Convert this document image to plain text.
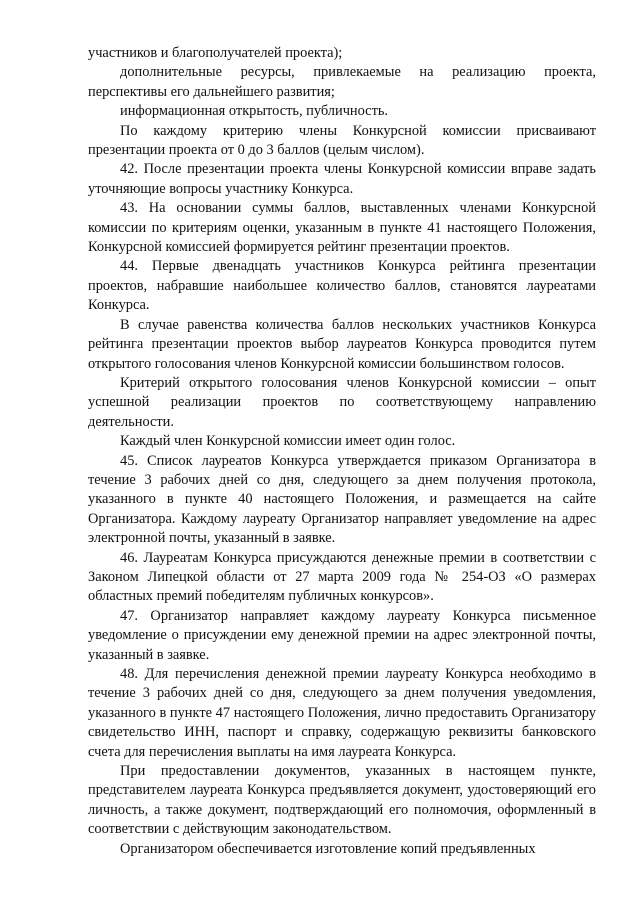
участников и благополучателей проекта);

дополнительные ресурсы, привлекаемые на реализацию проекта, перспективы его дальнейшего развития;

информационная открытость, публичность.

По каждому критерию члены Конкурсной комиссии присваивают презентации проекта от 0 до 3 баллов (целым числом).

42. После презентации проекта члены Конкурсной комиссии вправе задать уточняющие вопросы участнику Конкурса.

43. На основании суммы баллов, выставленных членами Конкурсной комиссии по критериям оценки, указанным в пункте 41 настоящего Положения, Конкурсной комиссией формируется рейтинг презентации проектов.

44. Первые двенадцать участников Конкурса рейтинга презентации проектов, набравшие наибольшее количество баллов, становятся лауреатами Конкурса.

В случае равенства количества баллов нескольких участников Конкурса рейтинга презентации проектов выбор лауреатов Конкурса проводится путем открытого голосования членов Конкурсной комиссии большинством голосов.

Критерий открытого голосования членов Конкурсной комиссии – опыт успешной реализации проектов по соответствующему направлению деятельности.

Каждый член Конкурсной комиссии имеет один голос.

45. Список лауреатов Конкурса утверждается приказом Организатора в течение 3 рабочих дней со дня, следующего за днем получения протокола, указанного в пункте 40 настоящего Положения, и размещается на сайте Организатора. Каждому лауреату Организатор направляет уведомление на адрес электронной почты, указанный в заявке.

46. Лауреатам Конкурса присуждаются денежные премии в соответствии с Законом Липецкой области от 27 марта 2009 года № 254-ОЗ «О размерах областных премий победителям публичных конкурсов».

47. Организатор направляет каждому лауреату Конкурса письменное уведомление о присуждении ему денежной премии на адрес электронной почты, указанный в заявке.

48. Для перечисления денежной премии лауреату Конкурса необходимо в течение 3 рабочих дней со дня, следующего за днем получения уведомления, указанного в пункте 47 настоящего Положения, лично предоставить Организатору свидетельство ИНН, паспорт и справку, содержащую реквизиты банковского счета для перечисления выплаты на имя лауреата Конкурса.

При предоставлении документов, указанных в настоящем пункте, представителем лауреата Конкурса предъявляется документ, удостоверяющий его личность, а также документ, подтверждающий его полномочия, оформленный в соответствии с действующим законодательством.

Организатором обеспечивается изготовление копий предъявленных
